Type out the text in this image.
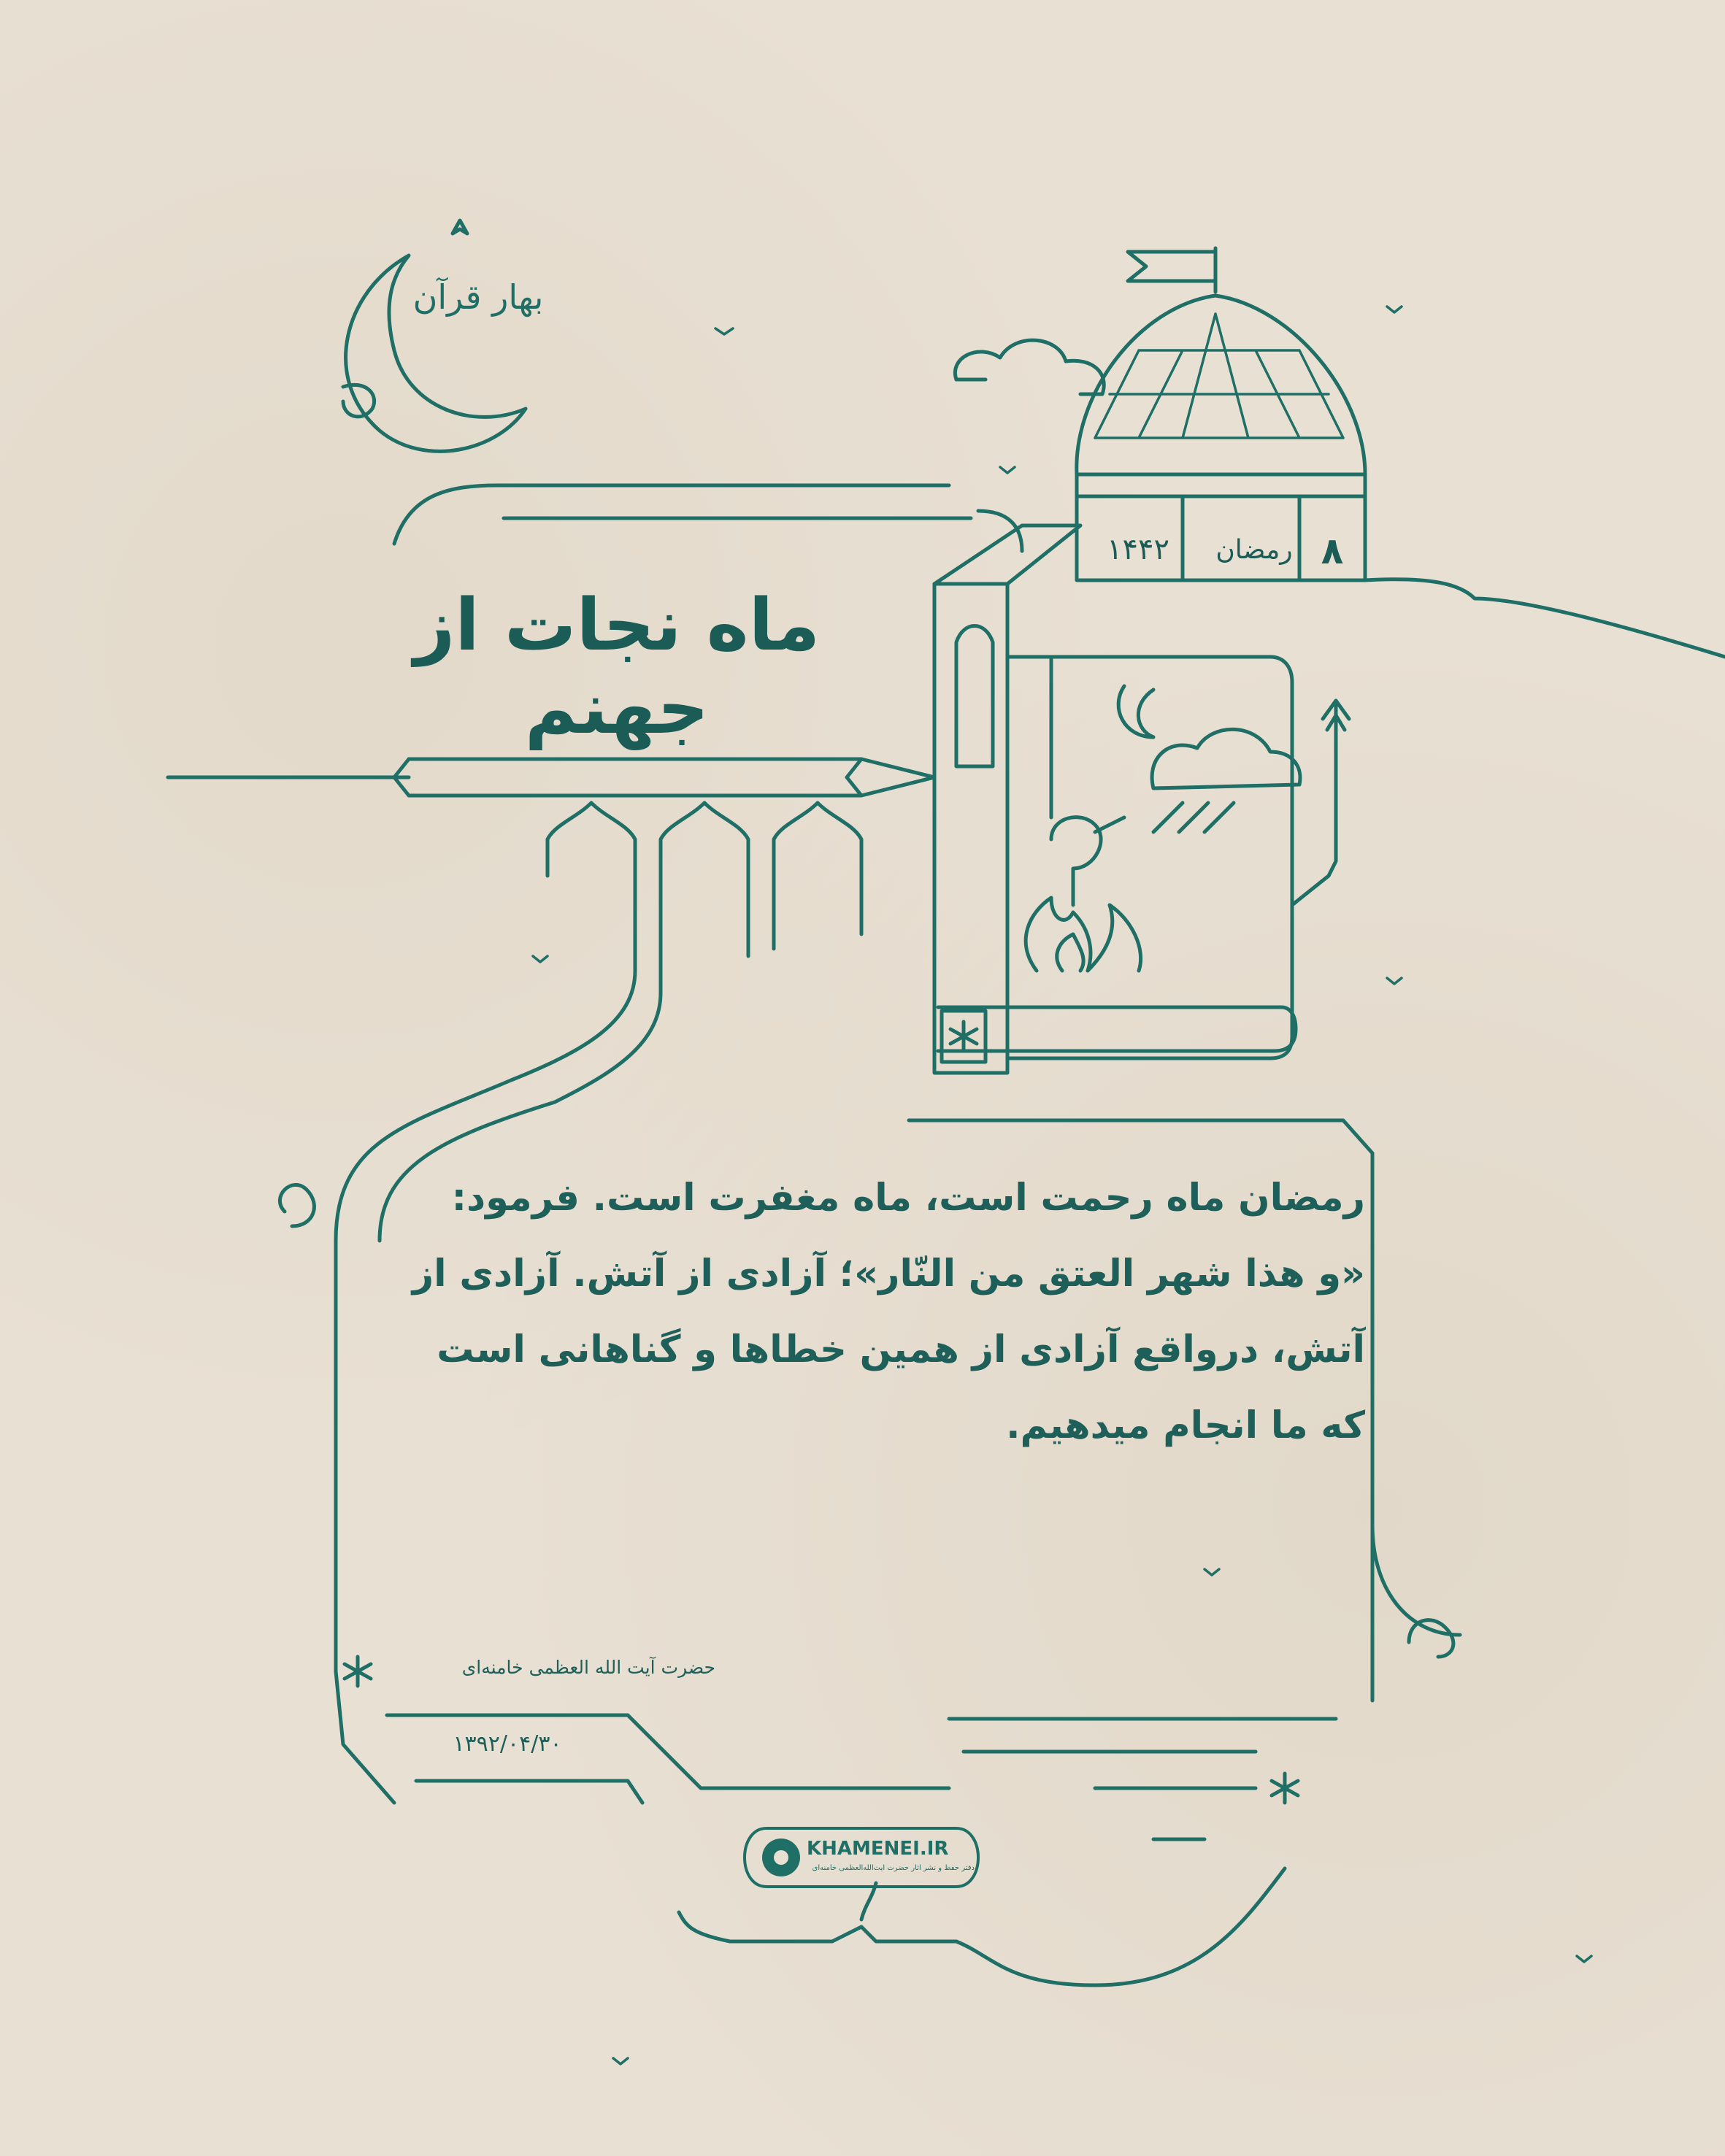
بهار قرآن
۸
رمضان
۱۴۴۲
ماه نجات از جهنم
رمضان ماه رحمت است، ماه مغفرت است. فرمود:
«و هذا شهر العتق من النّار»؛ آزادی از آتش. آزادی از
آتش، درواقع آزادی از همین خطاها و گناهانی است
که ما انجام میدهیم.
حضرت آیت الله العظمی خامنه‌ای
۱۳۹۲/۰۴/۳۰
KHAMENEI.IR
دفتر حفظ و نشر آثار حضرت آیت‌الله‌العظمی خامنه‌ای
